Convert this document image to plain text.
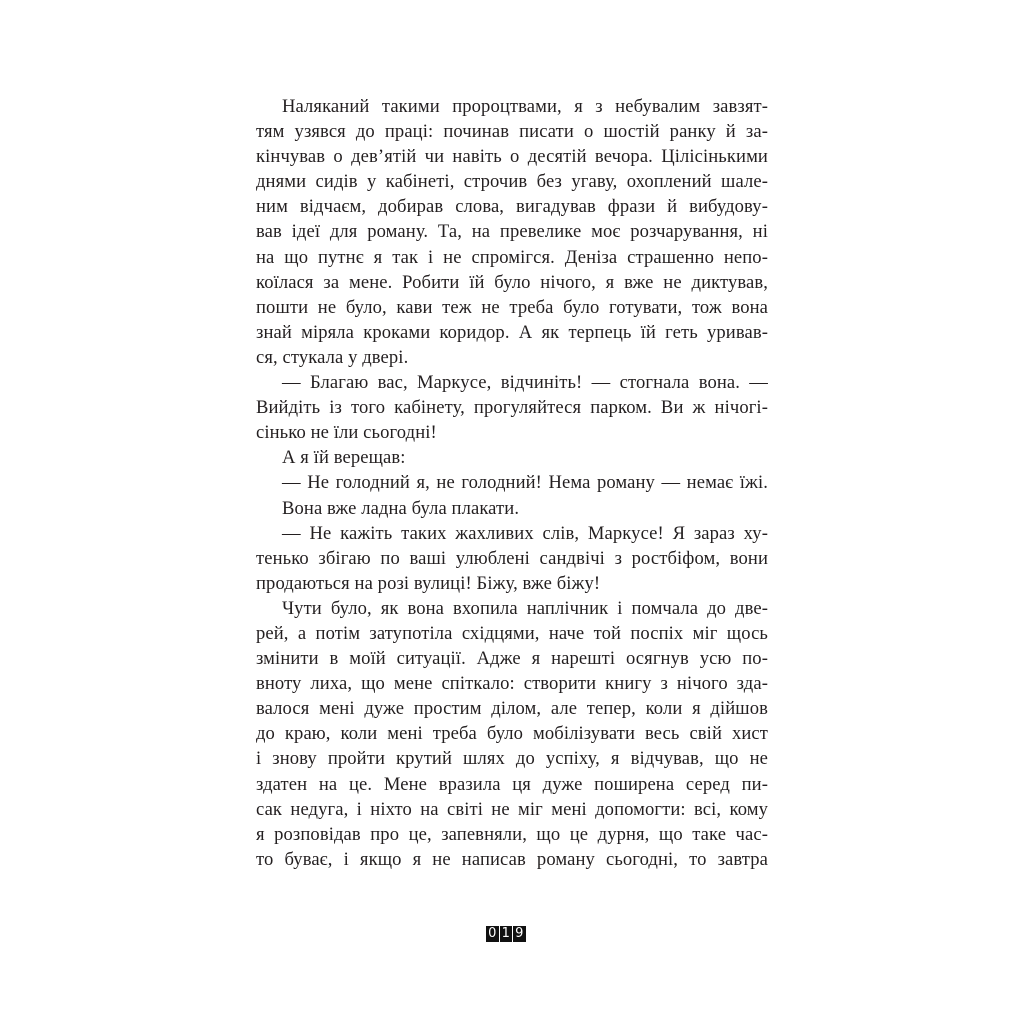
Наляканий такими пророцтвами, я з небувалим завзят-
тям узявся до праці: починав писати о шостій ранку й за-
кінчував о дев’ятій чи навіть о десятій вечора. Цілісінькими
днями сидів у кабінеті, строчив без угаву, охоплений шале-
ним відчаєм, добирав слова, вигадував фрази й вибудову-
вав ідеї для роману. Та, на превелике моє розчарування, ні
на що путнє я так і не спромігся. Деніза страшенно непо-
коїлася за мене. Робити їй було нічого, я вже не диктував,
пошти не було, кави теж не треба було готувати, тож вона
знай міряла кроками коридор. А як терпець їй геть уривав-
ся, стукала у двері.
— Благаю вас, Маркусе, відчиніть! — стогнала вона. —
Вийдіть із того кабінету, прогуляйтеся парком. Ви ж нічогі-
сінько не їли сьогодні!
А я їй верещав:
— Не голодний я, не голодний! Нема роману — немає їжі.
Вона вже ладна була плакати.
— Не кажіть таких жахливих слів, Маркусе! Я зараз ху-
тенько збігаю по ваші улюблені сандвічі з ростбіфом, вони
продаються на розі вулиці! Біжу, вже біжу!
Чути було, як вона вхопила наплічник і помчала до две-
рей, а потім затупотіла східцями, наче той поспіх міг щось
змінити в моїй ситуації. Адже я нарешті осягнув усю по-
вноту лиха, що мене спіткало: створити книгу з нічого зда-
валося мені дуже простим ділом, але тепер, коли я дійшов
до краю, коли мені треба було мобілізувати весь свій хист
і знову пройти крутий шлях до успіху, я відчував, що не
здатен на це. Мене вразила ця дуже поширена серед пи-
сак недуга, і ніхто на світі не міг мені допомогти: всі, кому
я розповідав про це, запевняли, що це дурня, що таке час-
то буває, і якщо я не написав роману сьогодні, то завтра
0 1 9
